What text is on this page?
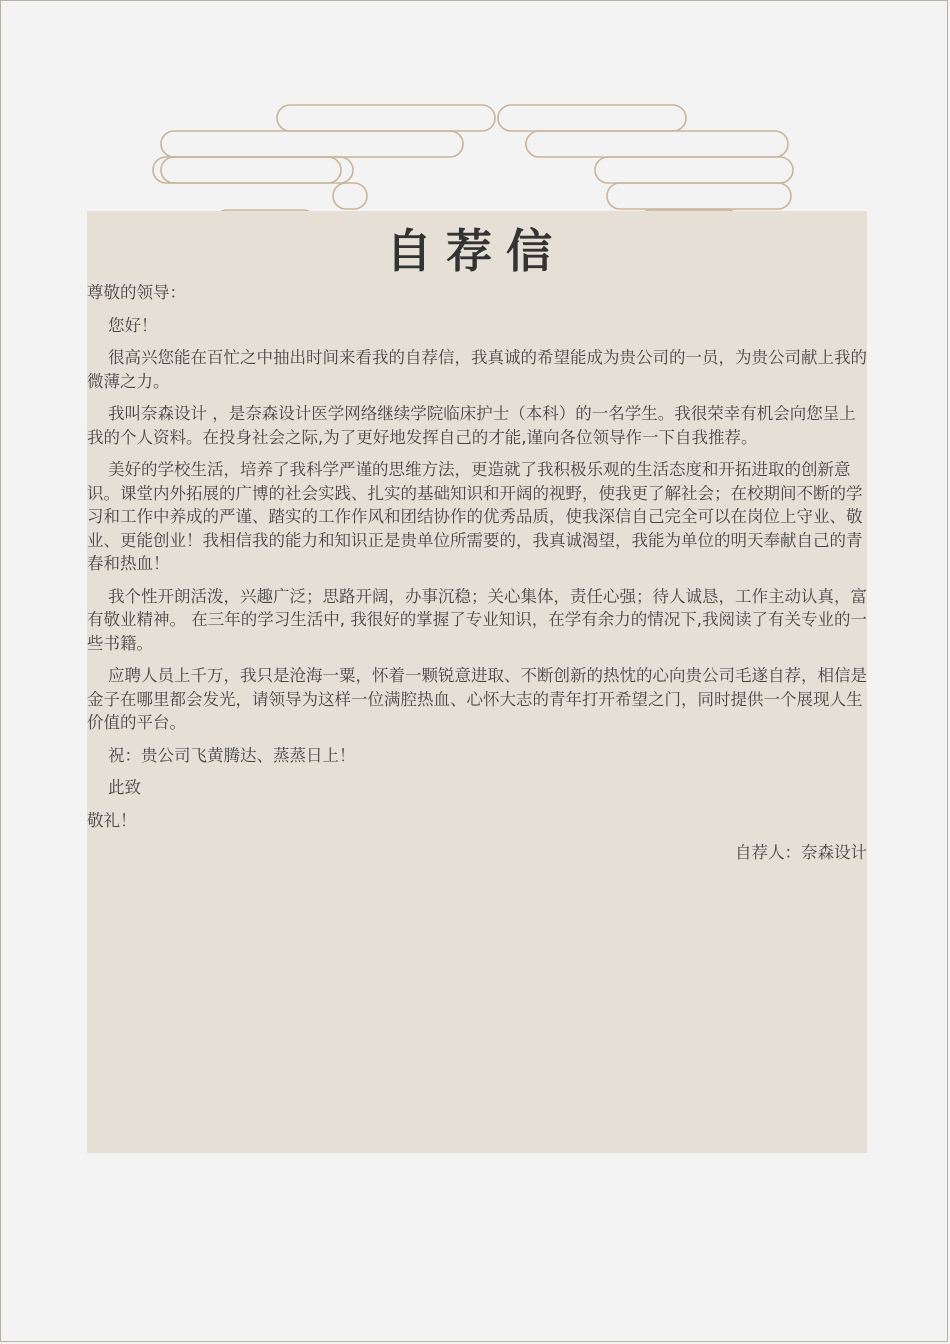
自荐信

尊敬的领导：

您好！

很高兴您能在百忙之中抽出时间来看我的自荐信，我真诚的希望能成为贵公司的一员，为贵公司献上我的微薄之力。

我叫奈森设计 ，是奈森设计医学网络继续学院临床护士（本科）的一名学生。我很荣幸有机会向您呈上我的个人资料。在投身社会之际,为了更好地发挥自己的才能,谨向各位领导作一下自我推荐。

美好的学校生活，培养了我科学严谨的思维方法，更造就了我积极乐观的生活态度和开拓进取的创新意识。课堂内外拓展的广博的社会实践、扎实的基础知识和开阔的视野，使我更了解社会；在校期间不断的学习和工作中养成的严谨、踏实的工作作风和团结协作的优秀品质，使我深信自己完全可以在岗位上守业、敬业、更能创业！我相信我的能力和知识正是贵单位所需要的，我真诚渴望，我能为单位的明天奉献自己的青春和热血！

我个性开朗活泼，兴趣广泛；思路开阔，办事沉稳；关心集体，责任心强；待人诚恳，工作主动认真，富有敬业精神。 在三年的学习生活中, 我很好的掌握了专业知识，在学有余力的情况下,我阅读了有关专业的一些书籍。

应聘人员上千万，我只是沧海一粟，怀着一颗锐意进取、不断创新的热忱的心向贵公司毛遂自荐，相信是金子在哪里都会发光，请领导为这样一位满腔热血、心怀大志的青年打开希望之门，同时提供一个展现人生价值的平台。

祝：贵公司飞黄腾达、蒸蒸日上！

此致

敬礼！

自荐人：奈森设计
